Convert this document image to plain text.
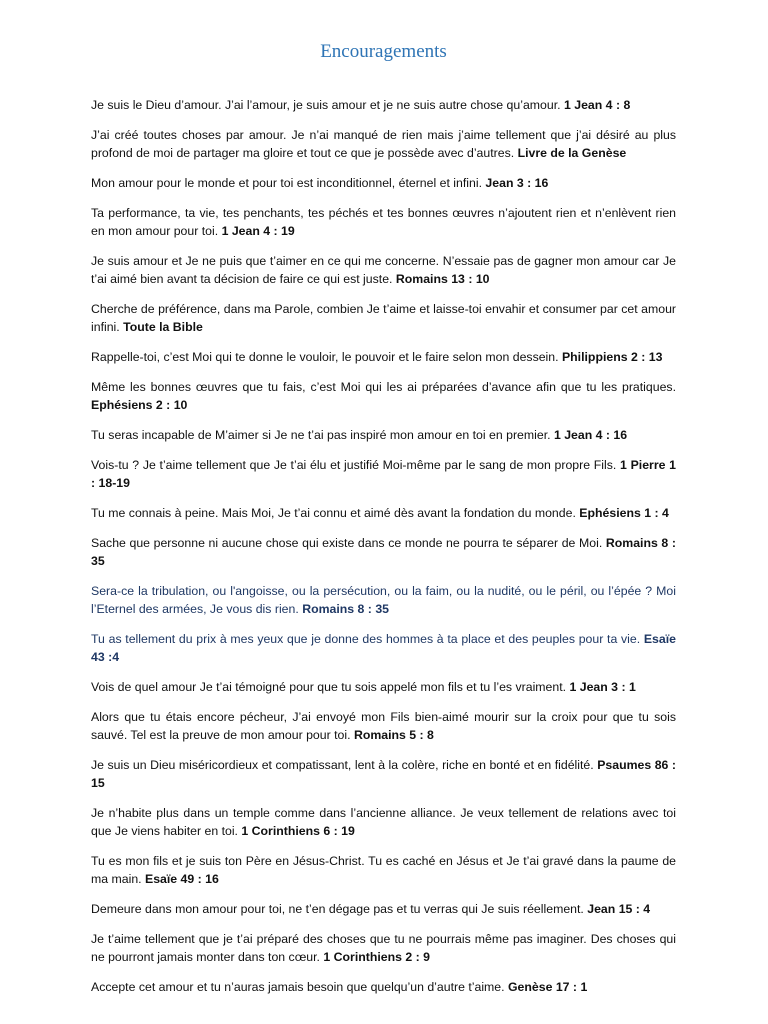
Encouragements

Je suis le Dieu d’amour. J’ai l’amour, je suis amour et je ne suis autre chose qu’amour. 1 Jean 4 : 8

J’ai créé toutes choses par amour. Je n’ai manqué de rien mais j’aime tellement que j’ai désiré au plus profond de moi de partager ma gloire et tout ce que je possède avec d’autres. Livre de la Genèse

Mon amour pour le monde et pour toi est inconditionnel, éternel et infini. Jean 3 : 16

Ta performance, ta vie, tes penchants, tes péchés et tes bonnes œuvres n’ajoutent rien et n’enlèvent rien en mon amour pour toi. 1 Jean 4 : 19

Je suis amour et Je ne puis que t’aimer en ce qui me concerne. N’essaie pas de gagner mon amour car Je t’ai aimé bien avant ta décision de faire ce qui est juste. Romains 13 : 10

Cherche de préférence, dans ma Parole, combien Je t’aime et laisse-toi envahir et consumer par cet amour infini. Toute la Bible

Rappelle-toi, c’est Moi qui te donne le vouloir, le pouvoir et le faire selon mon dessein. Philippiens 2 : 13

Même les bonnes œuvres que tu fais, c’est Moi qui les ai préparées d’avance afin que tu les pratiques. Ephésiens 2 : 10

Tu seras incapable de M’aimer si Je ne t’ai pas inspiré mon amour en toi en premier. 1 Jean 4 : 16

Vois-tu ? Je t’aime tellement que Je t’ai élu et justifié Moi-même par le sang de mon propre Fils. 1 Pierre 1 : 18-19

Tu me connais à peine. Mais Moi, Je t’ai connu et aimé dès avant la fondation du monde. Ephésiens 1 : 4

Sache que personne ni aucune chose qui existe dans ce monde ne pourra te séparer de Moi. Romains 8 : 35

Sera-ce la tribulation, ou l'angoisse, ou la persécution, ou la faim, ou la nudité, ou le péril, ou l’épée ? Moi l’Eternel des armées, Je vous dis rien. Romains 8 : 35

Tu as tellement du prix à mes yeux que je donne des hommes à ta place et des peuples pour ta vie. Esaïe 43 :4

Vois de quel amour Je t’ai témoigné pour que tu sois appelé mon fils et tu l’es vraiment. 1 Jean 3 : 1

Alors que tu étais encore pécheur, J’ai envoyé mon Fils bien-aimé mourir sur la croix pour que tu sois sauvé. Tel est la preuve de mon amour pour toi. Romains 5 : 8

Je suis un Dieu miséricordieux et compatissant, lent à la colère, riche en bonté et en fidélité. Psaumes 86 : 15

Je n’habite plus dans un temple comme dans l’ancienne alliance. Je veux tellement de relations avec toi que Je viens habiter en toi. 1 Corinthiens 6 : 19

Tu es mon fils et je suis ton Père en Jésus-Christ. Tu es caché en Jésus et Je t’ai gravé dans la paume de ma main. Esaïe 49 : 16

Demeure dans mon amour pour toi, ne t’en dégage pas et tu verras qui Je suis réellement. Jean 15 : 4

Je t’aime tellement que je t’ai préparé des choses que tu ne pourrais même pas imaginer. Des choses qui ne pourront jamais monter dans ton cœur. 1 Corinthiens 2 : 9

Accepte cet amour et tu n’auras jamais besoin que quelqu’un d’autre t’aime. Genèse 17 : 1
